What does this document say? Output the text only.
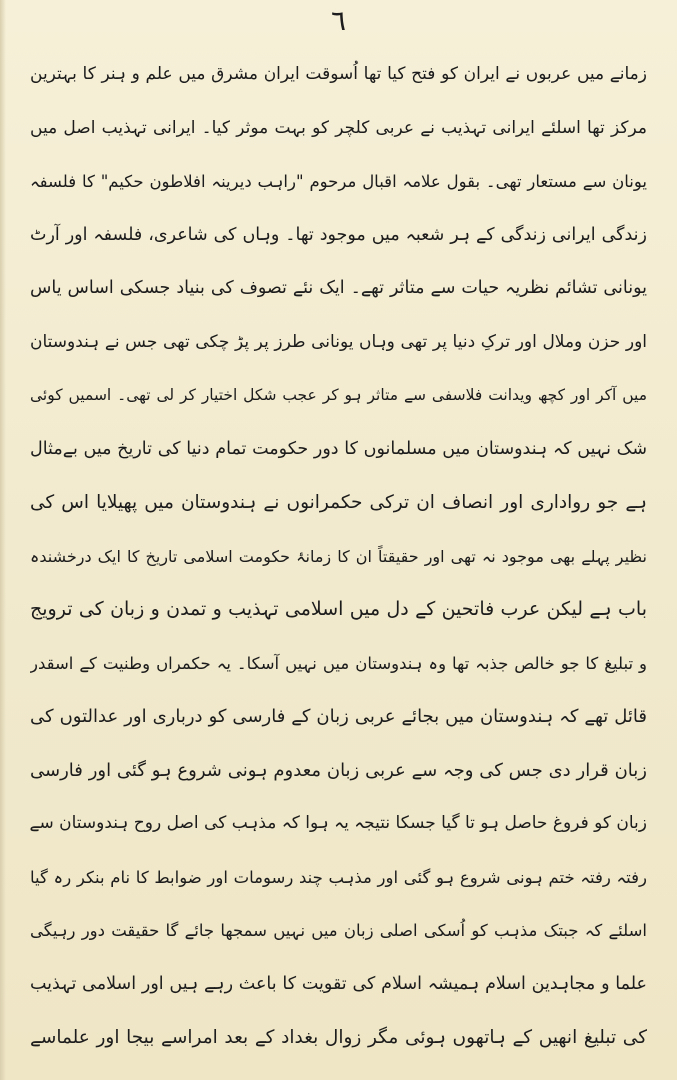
٦
زمانے میں عربوں نے ایران کو فتح کیا تھا اُسوقت ایران مشرق میں علم و ہنر کا بہترین
مرکز تھا اسلئے ایرانی تہذیب نے عربی کلچر کو بہت موثر کیا۔ ایرانی تہذیب اصل میں
یونان سے مستعار تھی۔ بقول علامہ اقبال مرحوم "راہب دیرینہ افلاطون حکیم" کا فلسفہ
زندگی ایرانی زندگی کے ہر شعبہ میں موجود تھا۔ وہاں کی شاعری، فلسفہ اور آرٹ
یونانی تشائم نظریہ حیات سے متاثر تھے۔ ایک نئے تصوف کی بنیاد جسکی اساس یاس
اور حزن وملال اور ترکِ دنیا پر تھی وہاں یونانی طرز پر پڑ چکی تھی جس نے ہندوستان
میں آکر اور کچھ ویدانت فلاسفی سے متاثر ہو کر عجب شکل اختیار کر لی تھی۔ اسمیں کوئی
شک نہیں کہ ہندوستان میں مسلمانوں کا دور حکومت تمام دنیا کی تاریخ میں بےمثال
ہے جو رواداری اور انصاف ان ترکی حکمرانوں نے ہندوستان میں پھیلایا اس کی
نظیر پہلے بھی موجود نہ تھی اور حقیقتاً ان کا زمانۂ حکومت اسلامی تاریخ کا ایک درخشندہ
باب ہے لیکن عرب فاتحین کے دل میں اسلامی تہذیب و تمدن و زبان کی ترویج
و تبلیغ کا جو خالص جذبہ تھا وہ ہندوستان میں نہیں آسکا۔ یہ حکمراں وطنیت کے اسقدر
قائل تھے کہ ہندوستان میں بجائے عربی زبان کے فارسی کو درباری اور عدالتوں کی
زبان قرار دی جس کی وجہ سے عربی زبان معدوم ہونی شروع ہو گئی اور فارسی
زبان کو فروغ حاصل ہو تا گیا جسکا نتیجہ یہ ہوا کہ مذہب کی اصل روح ہندوستان سے
رفتہ رفتہ ختم ہونی شروع ہو گئی اور مذہب چند رسومات اور ضوابط کا نام بنکر رہ گیا
اسلئے کہ جبتک مذہب کو اُسکی اصلی زبان میں نہیں سمجھا جائے گا حقیقت دور رہیگی
علما و مجاہدین اسلام ہمیشہ اسلام کی تقویت کا باعث رہے ہیں اور اسلامی تہذیب
کی تبلیغ انھیں کے ہاتھوں ہوئی مگر زوال بغداد کے بعد امراسے بیجا اور علماسے
